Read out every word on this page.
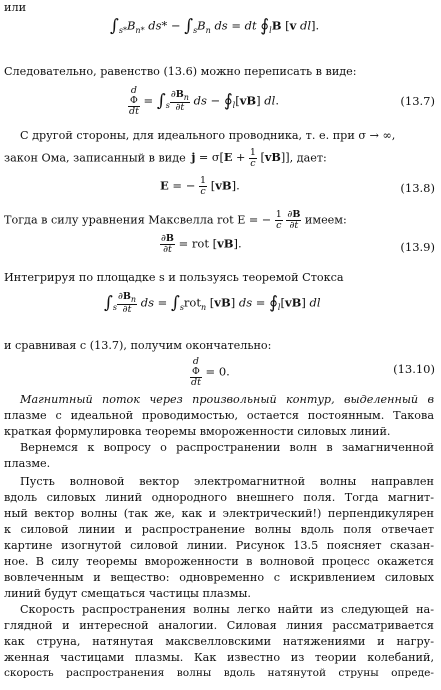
или
$\int_{s*}B_{n*}$ $ds* - \int_sB_n$ ds = dt $∮_lB$ [v dl].
Следовательно, равенство (13.6) можно переписать в виде:
d
Φ
dt
= $\int_s \frac{\partial B_n}{\partial t}$ ds − $∮_l[vB]$ dl.	(13.7)
С другой стороны, для идеального проводника, т. е. при σ → ∞,
закон Ома, записанный в виде $j = \sigma[E + \frac{1}{c} [vB]]$, дает:
E = − $\frac{1}{c} [vB]$.	(13.8)
Тогда в силу уравнения Максвелла rot E = − $\frac{1}{c}$
$\frac{\partial B}{\partial t}$ имеем:
$\frac{\partial B}{\partial t}$ = rot [vB].	(13.9)
Интегрируя по площадке s и пользуясь теоремой Стокса
$\int_s \frac{\partial B_n}{\partial t}$ ds = $\int_srot_n$ [vB] ds = $∮_l[vB]$ dl
и сравнивая с (13.7), получим окончательно:
d
Φ
dt
= 0.	(13.10)
Магнитный поток через произвольный контур, выделенный в
плазме с идеальной проводимостью, остается постоянным. Такова
краткая формулировка теоремы вмороженности силовых линий.
Вернемся к вопросу о распространении волн в замагниченной
плазме.
Пусть волновой вектор электромагнитной волны направлен
вдоль силовых линий однородного внешнего поля. Тогда магнит-
ный вектор волны (так же, как и электрический!) перпендикулярен
к силовой линии и распространение волны вдоль поля отвечает
картине изогнутой силовой линии. Рисунок 13.5 поясняет сказан-
ное. В силу теоремы вмороженности в волновой процесс окажется
вовлеченным и вещество: одновременно с искривлением силовых
линий будут смещаться частицы плазмы.
Скорость распространения волны легко найти из следующей на-
глядной и интересной аналогии. Силовая линия рассматривается
как струна, натянутая максвелловскими натяжениями и нагру-
женная частицами плазмы. Как известно из теории колебаний,
скорость распространения волны вдоль натянутой струны опреде-
